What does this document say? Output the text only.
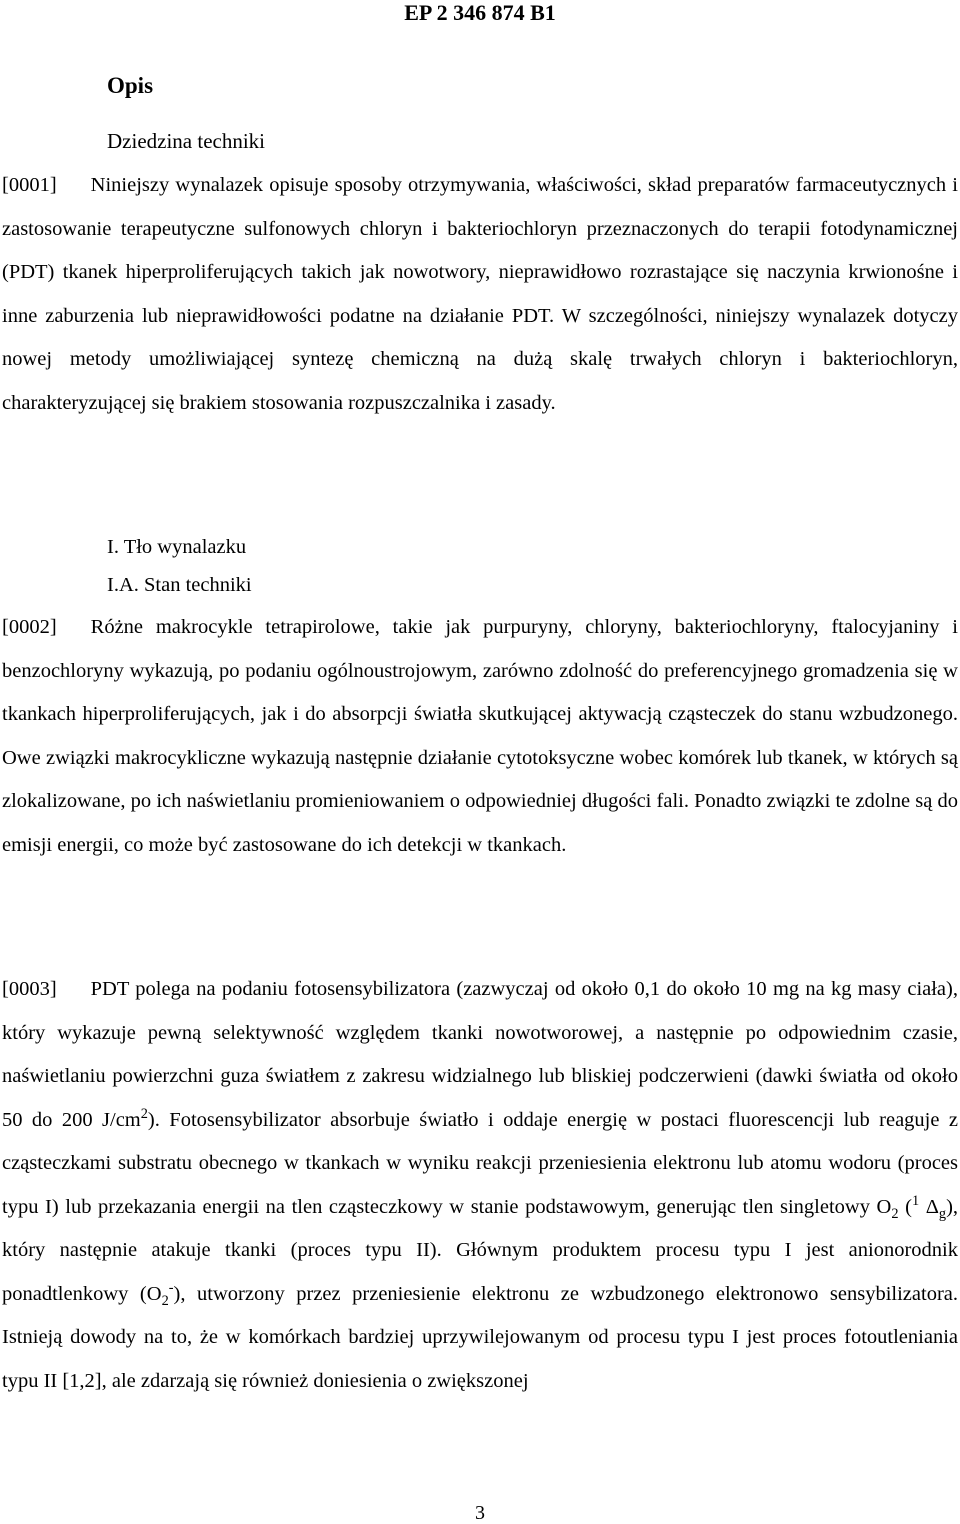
EP 2 346 874 B1
Opis
Dziedzina techniki

[0001] Niniejszy wynalazek opisuje sposoby otrzymywania, właściwości, skład preparatów farmaceutycznych i zastosowanie terapeutyczne sulfonowych chloryn i bakteriochloryn przeznaczonych do terapii fotodynamicznej (PDT) tkanek hiperproliferujących takich jak nowotwory, nieprawidłowo rozrastające się naczynia krwionośne i inne zaburzenia lub nieprawidłowości podatne na działanie PDT. W szczególności, niniejszy wynalazek dotyczy nowej metody umożliwiającej syntezę chemiczną na dużą skalę trwałych chloryn i bakteriochloryn, charakteryzującej się brakiem stosowania rozpuszczalnika i zasady.

I. Tło wynalazku
I.A. Stan techniki

[0002] Różne makrocykle tetrapirolowe, takie jak purpuryny, chloryny, bakteriochloryny, ftalocyjaniny i benzochloryny wykazują, po podaniu ogólnoustrojowym, zarówno zdolność do preferencyjnego gromadzenia się w tkankach hiperproliferujących, jak i do absorpcji światła skutkującej aktywacją cząsteczek do stanu wzbudzonego. Owe związki makrocykliczne wykazują następnie działanie cytotoksyczne wobec komórek lub tkanek, w których są zlokalizowane, po ich naświetlaniu promieniowaniem o odpowiedniej długości fali. Ponadto związki te zdolne są do emisji energii, co może być zastosowane do ich detekcji w tkankach.

[0003] PDT polega na podaniu fotosensybilizatora (zazwyczaj od około 0,1 do około 10 mg na kg masy ciała), który wykazuje pewną selektywność względem tkanki nowotworowej, a następnie po odpowiednim czasie, naświetlaniu powierzchni guza światłem z zakresu widzialnego lub bliskiej podczerwieni (dawki światła od około 50 do 200 $J/cm^2$). Fotosensybilizator absorbuje światło i oddaje energię w postaci fluorescencji lub reaguje z cząsteczkami substratu obecnego w tkankach w wyniku reakcji przeniesienia elektronu lub atomu wodoru (proces typu I) lub przekazania energii na tlen cząsteczkowy w stanie podstawowym, generując tlen singletowy $O_2$ ($^1$ $\Delta_g$), który następnie atakuje tkanki (proces typu II). Głównym produktem procesu typu I jest anionorodnik ponadtlenkowy $(O_2^-)$, utworzony przez przeniesienie elektronu ze wzbudzonego elektronowo sensybilizatora. Istnieją dowody na to, że w komórkach bardziej uprzywilejowanym od procesu typu I jest proces fotoutleniania typu II [1,2], ale zdarzają się również doniesienia o zwiększonej

3
